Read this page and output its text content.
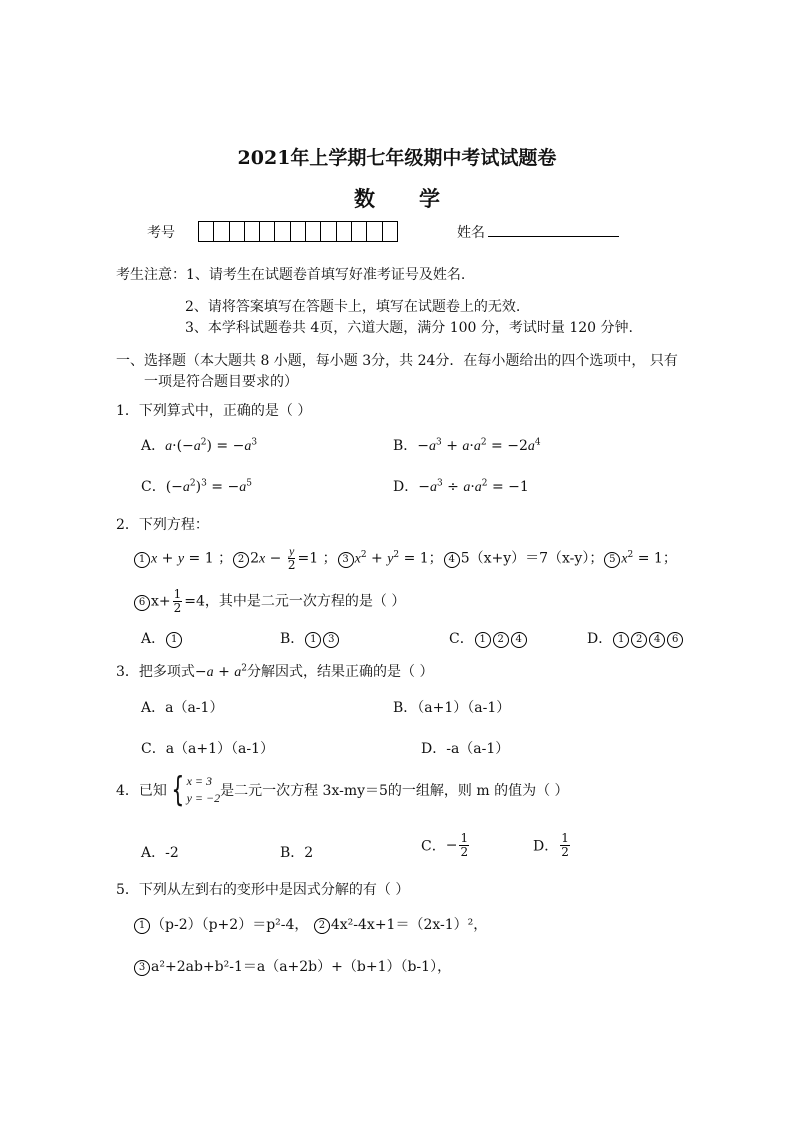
2021年上学期七年级期中考试试题卷
数学
考号	姓名
考生注意：1、请考生在试题卷首填写好准考证号及姓名.
2、请将答案填写在答题卡上，填写在试题卷上的无效.
3、本学科试题卷共 4页，六道大题，满分 100 分，考试时量 120 分钟.
一、选择题（本大题共 8 小题，每小题 3分，共 24分．在每小题给出的四个选项中， 只有
一项是符合题目要求的）
1．下列算式中，正确的是（ ）
A．$a\cdot(-a^2) = -a^3$	B．$-a^3 + a\cdot a^2 = -2a^4$
C．$(-a^2)^3 = -a^5$	D．$-a^3 \div a\cdot a^2 = -1$
2．下列方程：
1 x + y = 1 ； 2 $2x - \frac{y}{2} =1$ ； 3 $x^2 + y^2 = 1$； 4 5（x+y）＝7（x-y）； 5 $x^2 = 1$；
6 $x+ \frac{1}{2} =4$，其中是二元一次方程的是（ ）
A． 1	B． 1 3	C． 1 2 4	D． 1 2 4 6
3．把多项式$-a + a^2$分解因式，结果正确的是（ ）
A．a（a-1）	B．（a+1）（a-1）
C．a（a+1）（a-1）	D．-a（a-1）
4．已知 { x = 3
y = −2 是二元一次方程 3x-my＝5的一组解，则 m 的值为（ ）
A．-2	B．2	C．− $\frac{1}{2}$	D． $\frac{1}{2}$
5．下列从左到右的变形中是因式分解的有（ ）
1 （p-2）（p+2）＝p²-4， 2 4x²-4x+1＝（2x-1）²，
3 a²+2ab+b²-1＝a（a+2b）+（b+1）（b-1），
